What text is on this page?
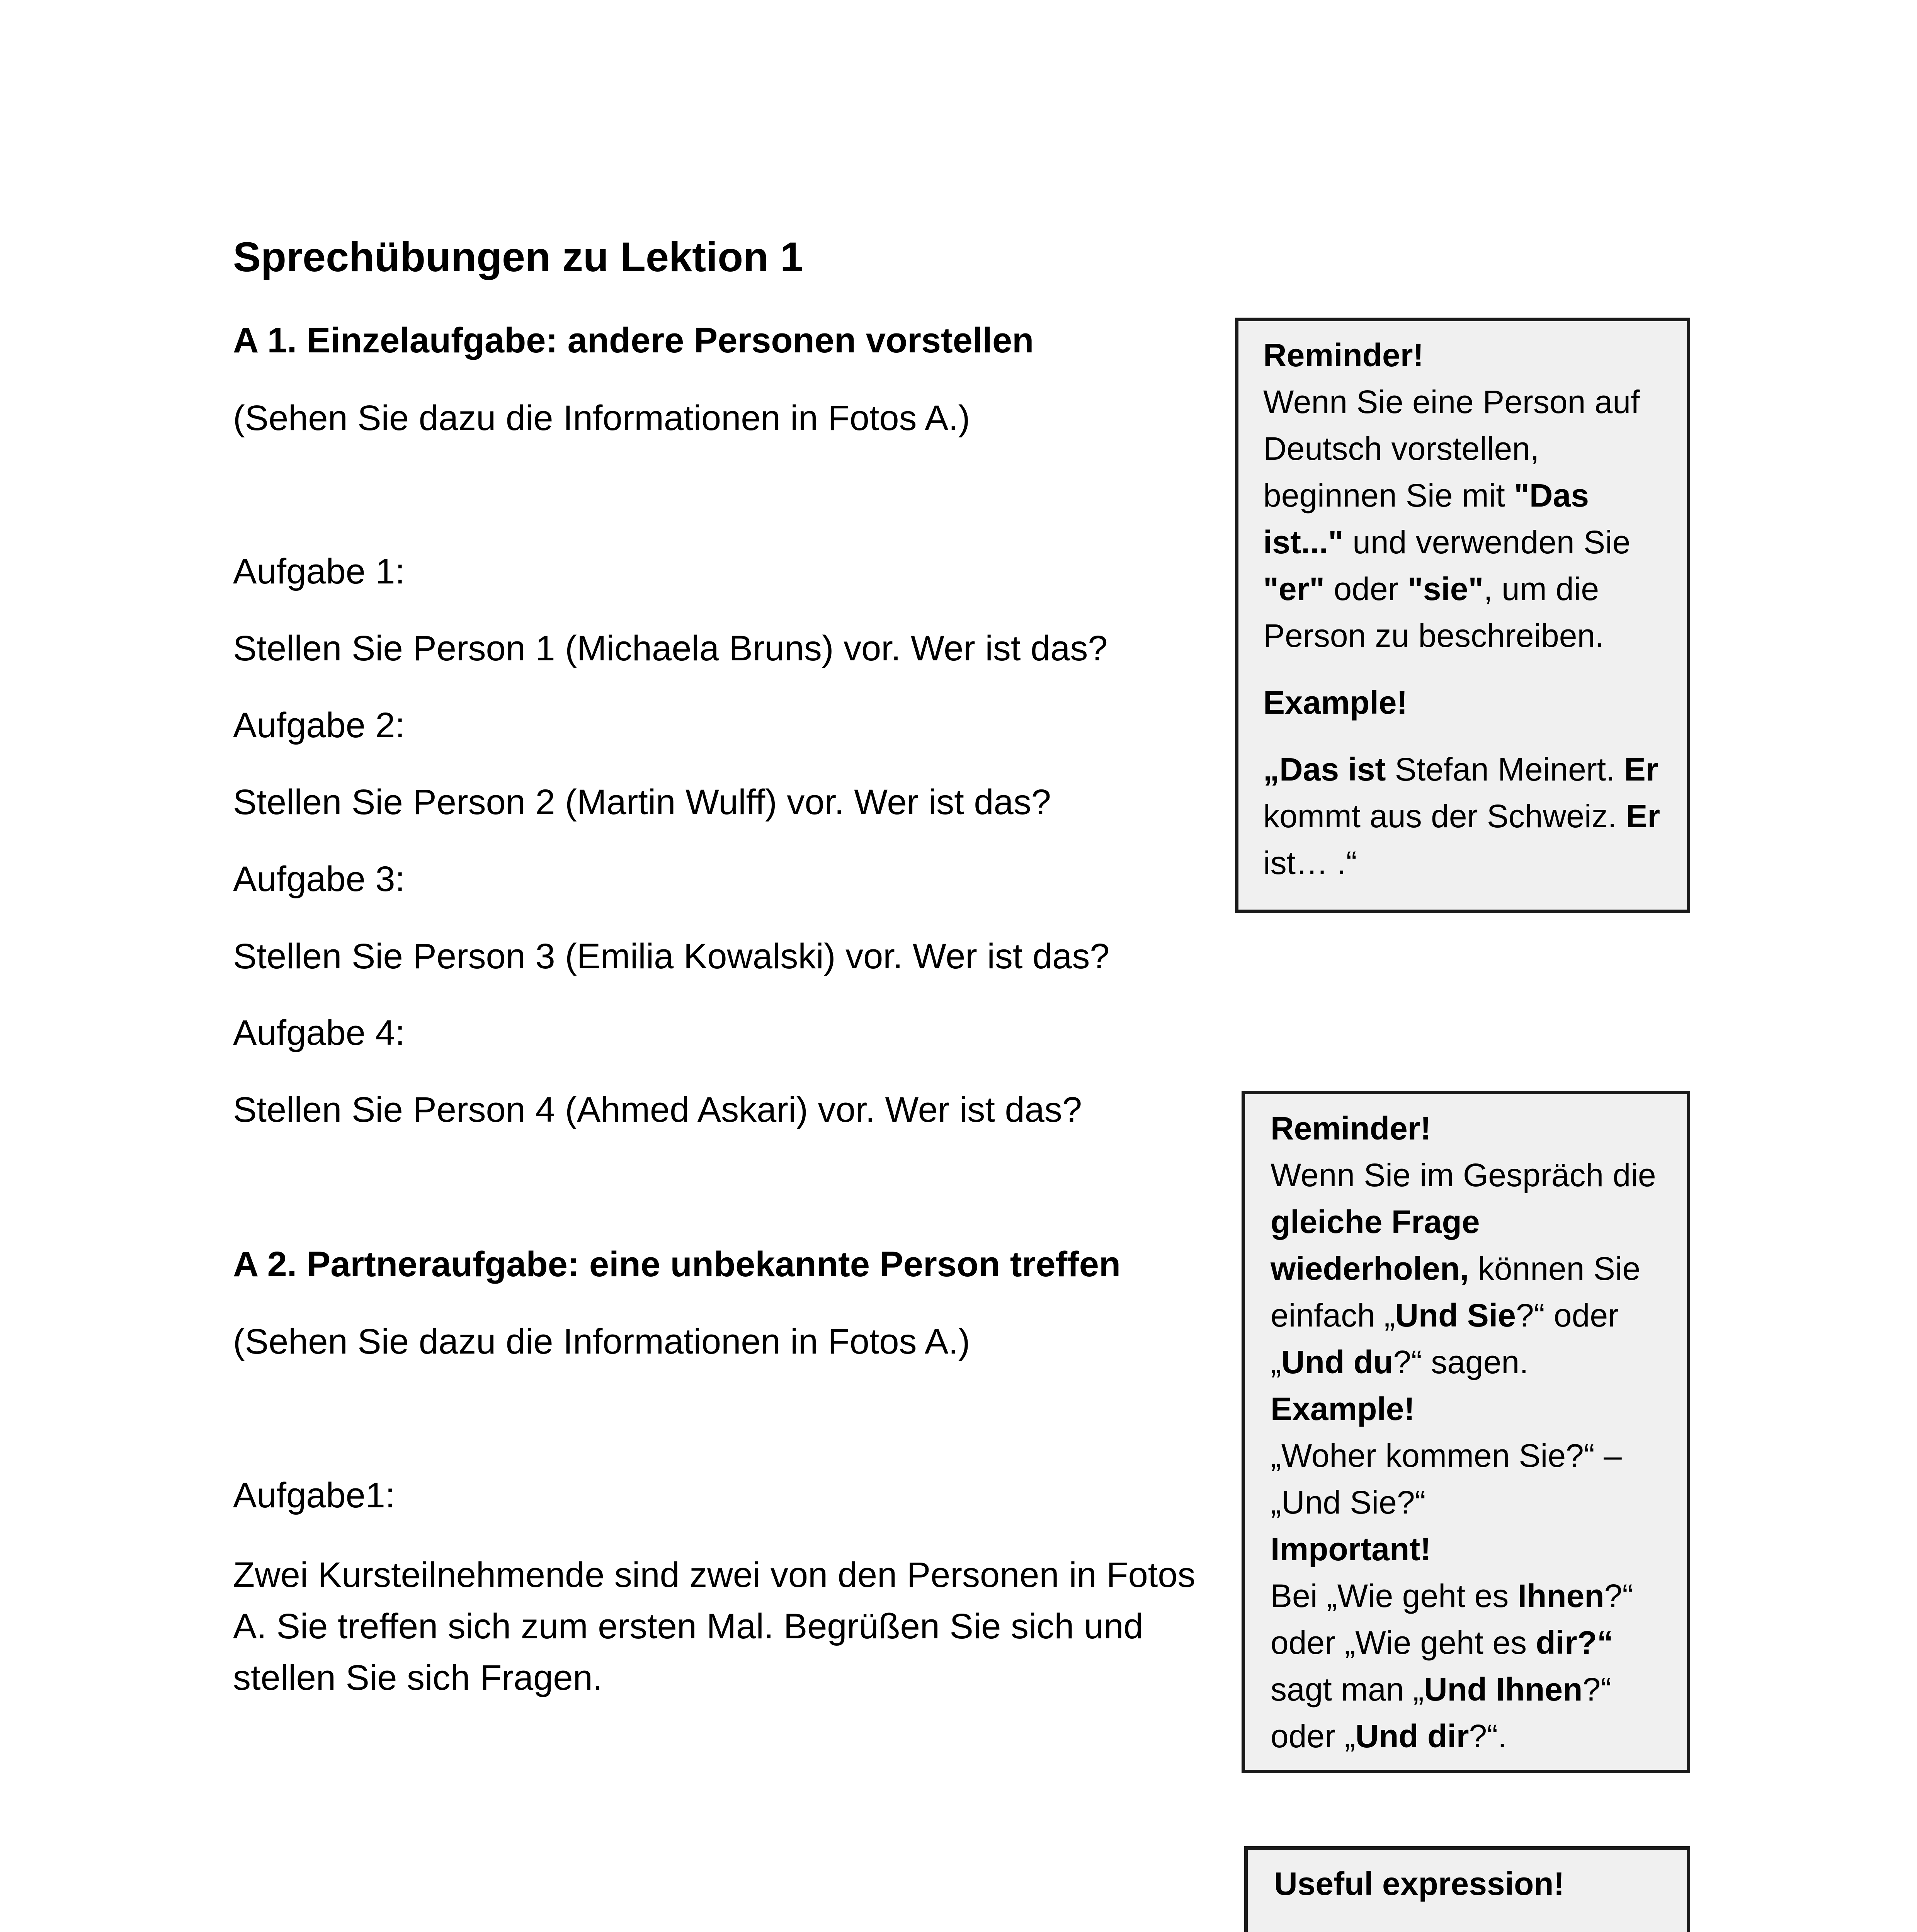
Sprechübungen zu Lektion 1

A 1. Einzelaufgabe: andere Personen vorstellen

(Sehen Sie dazu die Informationen in Fotos A.)

Aufgabe 1:

Stellen Sie Person 1 (Michaela Bruns) vor. Wer ist das?

Aufgabe 2:

Stellen Sie Person 2 (Martin Wulff) vor. Wer ist das?

Aufgabe 3:

Stellen Sie Person 3 (Emilia Kowalski) vor. Wer ist das?

Aufgabe 4:

Stellen Sie Person 4 (Ahmed Askari) vor. Wer ist das?

A 2. Partneraufgabe: eine unbekannte Person treffen

(Sehen Sie dazu die Informationen in Fotos A.)

Aufgabe1:

Zwei Kursteilnehmende sind zwei von den Personen in Fotos A. Sie treffen sich zum ersten Mal. Begrüßen Sie sich und stellen Sie sich Fragen.

Reminder!

Wenn Sie eine Person auf Deutsch vorstellen, beginnen Sie mit "Das ist..." und verwenden Sie "er" oder "sie", um die Person zu beschreiben.

Example!

„Das ist Stefan Meinert. Er kommt aus der Schweiz. Er ist… .“

Reminder!

Wenn Sie im Gespräch die gleiche Frage wiederholen, können Sie einfach „Und Sie?“ oder „Und du?“ sagen.

Example!

„Woher kommen Sie?“ –

„Und Sie?“

Important!

Bei „Wie geht es Ihnen?“ oder „Wie geht es dir?“ sagt man „Und Ihnen?“ oder „Und dir?“.

Useful expression!
